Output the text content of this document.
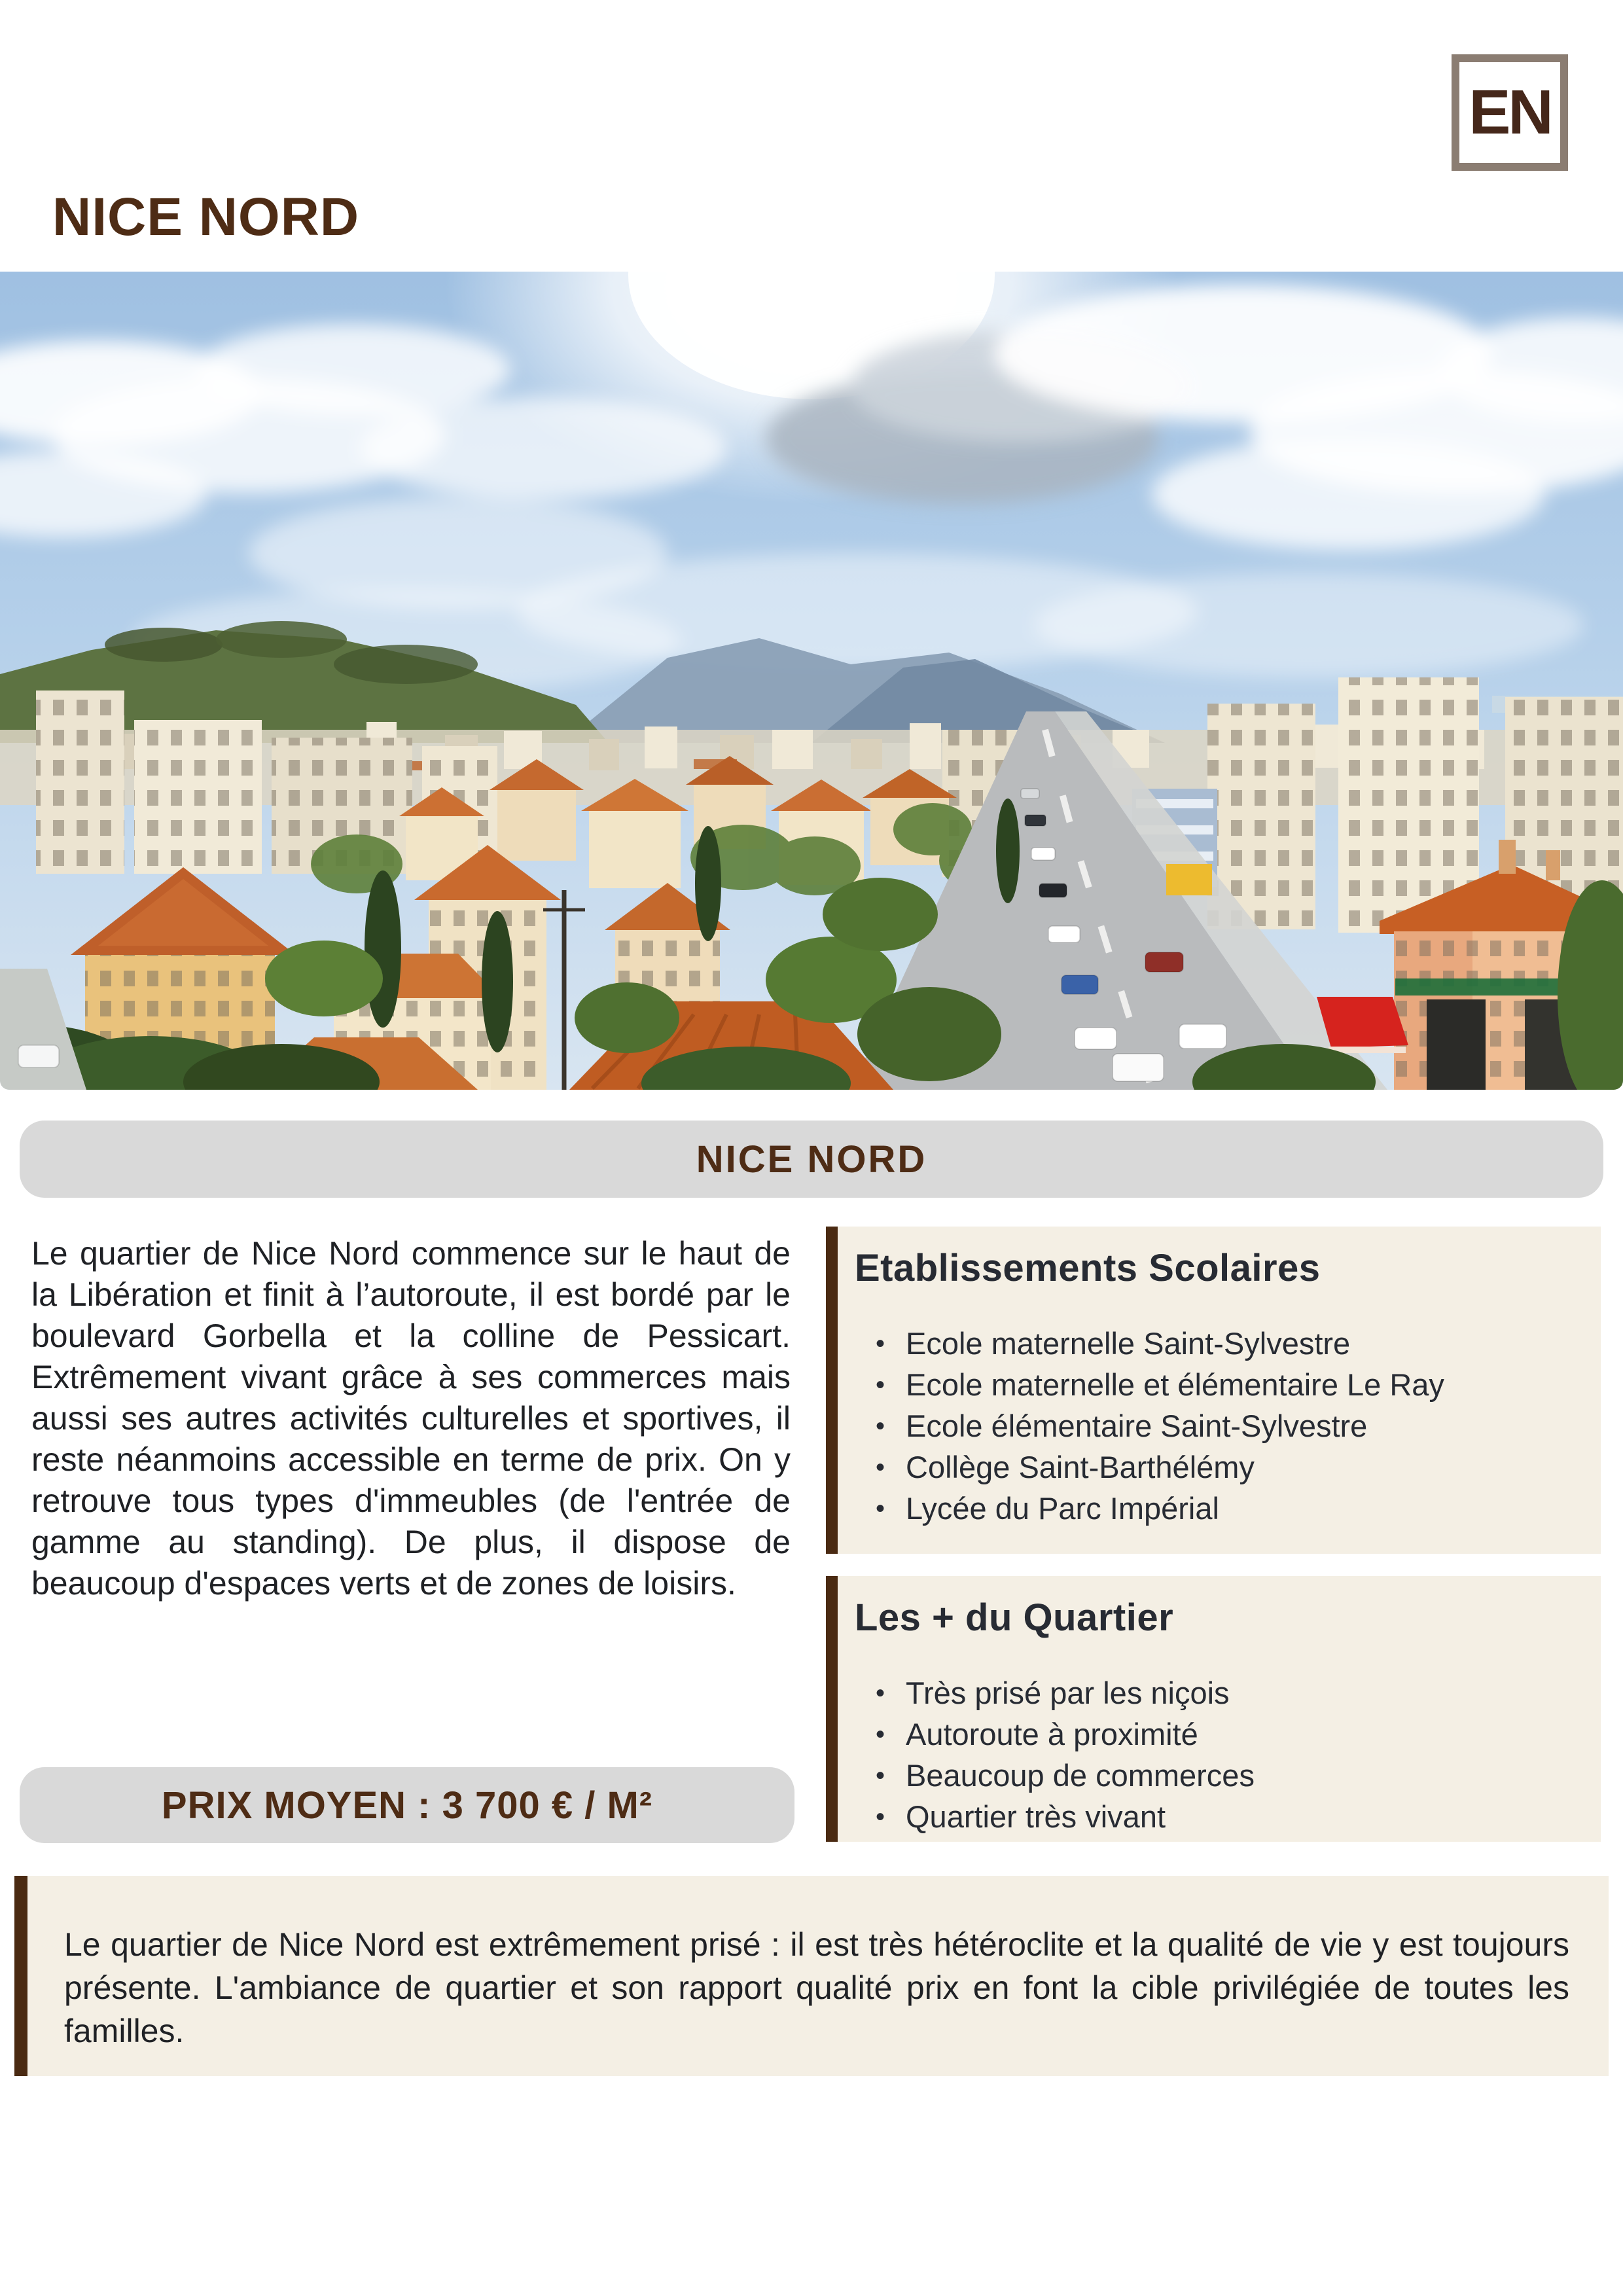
EN
NICE NORD
NICE NORD
Le quartier de Nice Nord commence sur le haut de la Libération et finit à l’autoroute, il est bordé par le boulevard Gorbella et la colline de Pessicart. Extrêmement vivant grâce à ses commerces mais aussi ses autres activités culturelles et sportives, il reste néanmoins accessible en terme de prix. On y retrouve tous types d'immeubles (de l'entrée de gamme au standing). De plus, il dispose de beaucoup d'espaces verts et de zones de loisirs.
Etablissements Scolaires
• Ecole maternelle Saint-Sylvestre
• Ecole maternelle et élémentaire Le Ray
• Ecole élémentaire Saint-Sylvestre
• Collège Saint-Barthélémy
• Lycée du Parc Impérial
Les + du Quartier
• Très prisé par les niçois
• Autoroute à proximité
• Beaucoup de commerces
• Quartier très vivant
PRIX MOYEN : 3 700 € / M²

Le quartier de Nice Nord est extrêmement prisé : il est très hétéroclite et la qualité de vie y est toujours présente. L'ambiance de quartier et son rapport qualité prix en font la cible privilégiée de toutes les familles.
